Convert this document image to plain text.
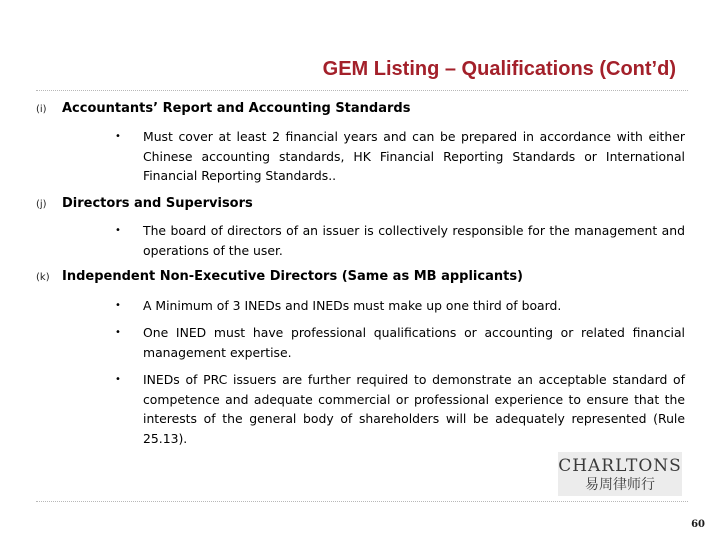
GEM Listing – Qualifications (Cont’d)
(i) Accountants’ Report and Accounting Standards
• Must cover at least 2 financial years and can be prepared in accordance with either Chinese accounting standards, HK Financial Reporting Standards or International Financial Reporting Standards..
(j) Directors and Supervisors
• The board of directors of an issuer is collectively responsible for the management and operations of the user.
(k) Independent Non-Executive Directors (Same as MB applicants)
• A Minimum of 3 INEDs and INEDs must make up one third of board.
• One INED must have professional qualifications or accounting or related financial management expertise.
• INEDs of PRC issuers are further required to demonstrate an acceptable standard of competence and adequate commercial or professional experience to ensure that the interests of the general body of shareholders will be adequately represented (Rule 25.13).
CHARLTONS
易周律师行
60
